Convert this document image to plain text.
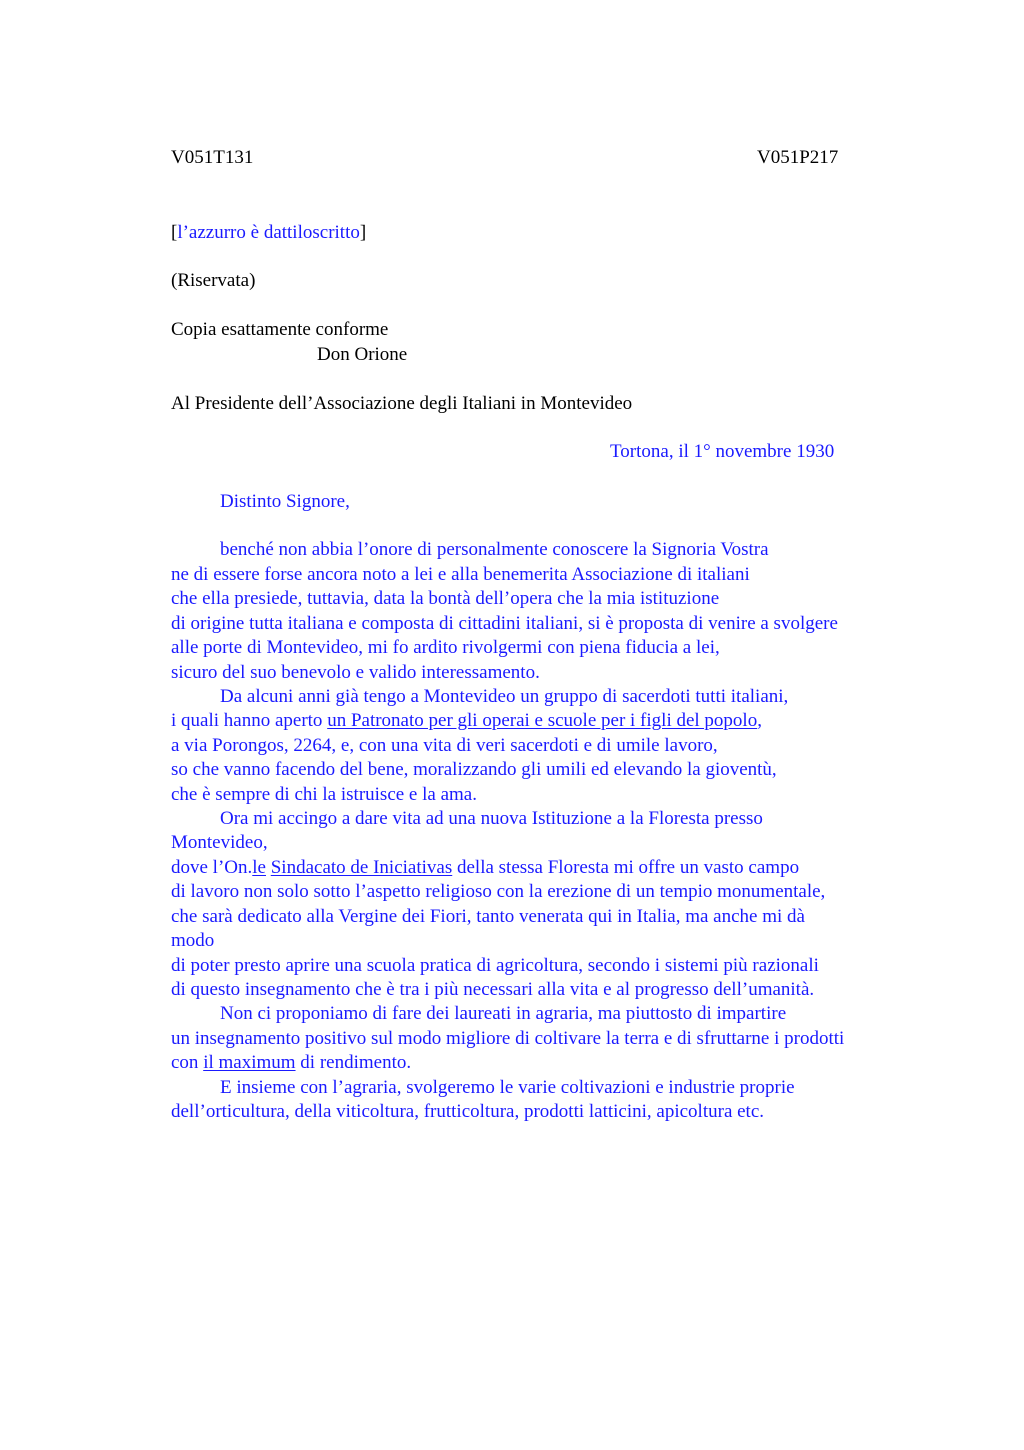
V051T131	V051P217
[l’azzurro è dattiloscritto]
(Riservata)
Copia esattamente conforme
Don Orione
Al Presidente dell’Associazione degli Italiani in Montevideo
Tortona, il 1° novembre 1930
Distinto Signore,
benché non abbia l’onore di personalmente conoscere la Signoria Vostra
ne di essere forse ancora noto a lei e alla benemerita Associazione di italiani
che ella presiede, tuttavia, data la bontà dell’opera che la mia istituzione
di origine tutta italiana e composta di cittadini italiani, si è proposta di venire a svolgere
alle porte di Montevideo, mi fo ardito rivolgermi con piena fiducia a lei,
sicuro del suo benevolo e valido interessamento.
Da alcuni anni già tengo a Montevideo un gruppo di sacerdoti tutti italiani,
i quali hanno aperto un Patronato per gli operai e scuole per i figli del popolo,
a via Porongos, 2264, e, con una vita di veri sacerdoti e di umile lavoro,
so che vanno facendo del bene, moralizzando gli umili ed elevando la gioventù,
che è sempre di chi la istruisce e la ama.
Ora mi accingo a dare vita ad una nuova Istituzione a la Floresta presso
Montevideo,
dove l’On.le Sindacato de Iniciativas della stessa Floresta mi offre un vasto campo
di lavoro non solo sotto l’aspetto religioso con la erezione di un tempio monumentale,
che sarà dedicato alla Vergine dei Fiori, tanto venerata qui in Italia, ma anche mi dà
modo
di poter presto aprire una scuola pratica di agricoltura, secondo i sistemi più razionali
di questo insegnamento che è tra i più necessari alla vita e al progresso dell’umanità.
Non ci proponiamo di fare dei laureati in agraria, ma piuttosto di impartire
un insegnamento positivo sul modo migliore di coltivare la terra e di sfruttarne i prodotti
con il maximum di rendimento.
E insieme con l’agraria, svolgeremo le varie coltivazioni e industrie proprie
dell’orticultura, della viticoltura, frutticoltura, prodotti latticini, apicoltura etc.
